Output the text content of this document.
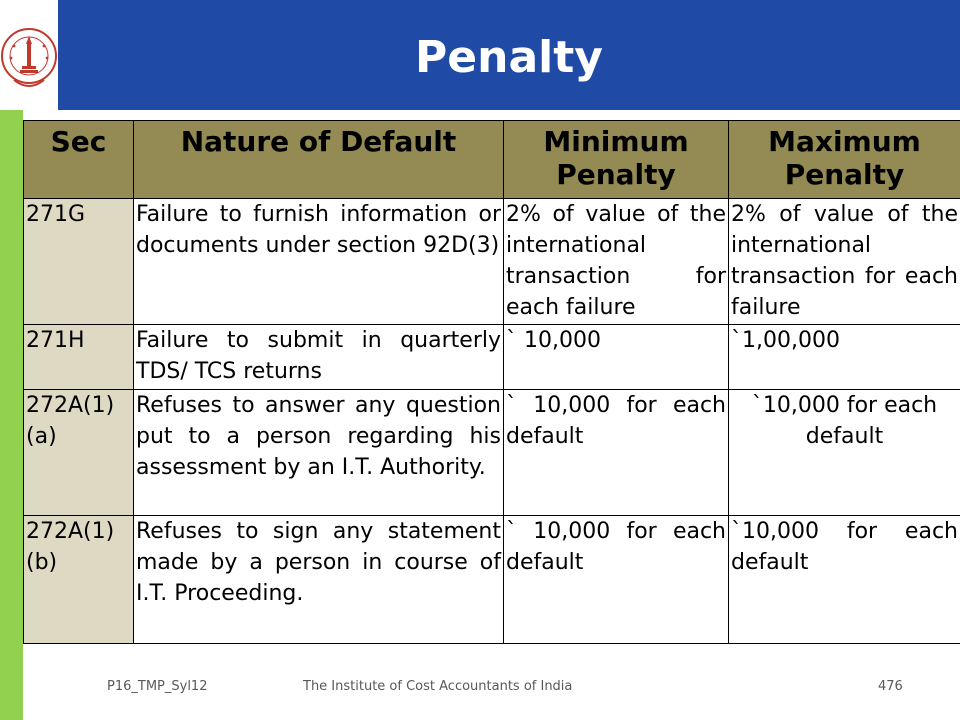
Penalty
Sec	Nature of Default	Minimum Penalty	Maximum Penalty
271G	Failure to furnish information or documents under section 92D(3)	2% of value of the international transaction for each failure	2% of value of the international transaction for each failure
271H	Failure to submit in quarterly TDS/ TCS returns	` 10,000	`1,00,000
272A(1) (a)	Refuses to answer any question put to a person regarding his assessment by an I.T. Authority.	` 10,000 for each default	`10,000 for each default
272A(1) (b)	Refuses to sign any statement made by a person in course of I.T. Proceeding.	` 10,000 for each default	`10,000 for each default
P16_TMP_Syl12	The Institute of Cost Accountants of India	476
